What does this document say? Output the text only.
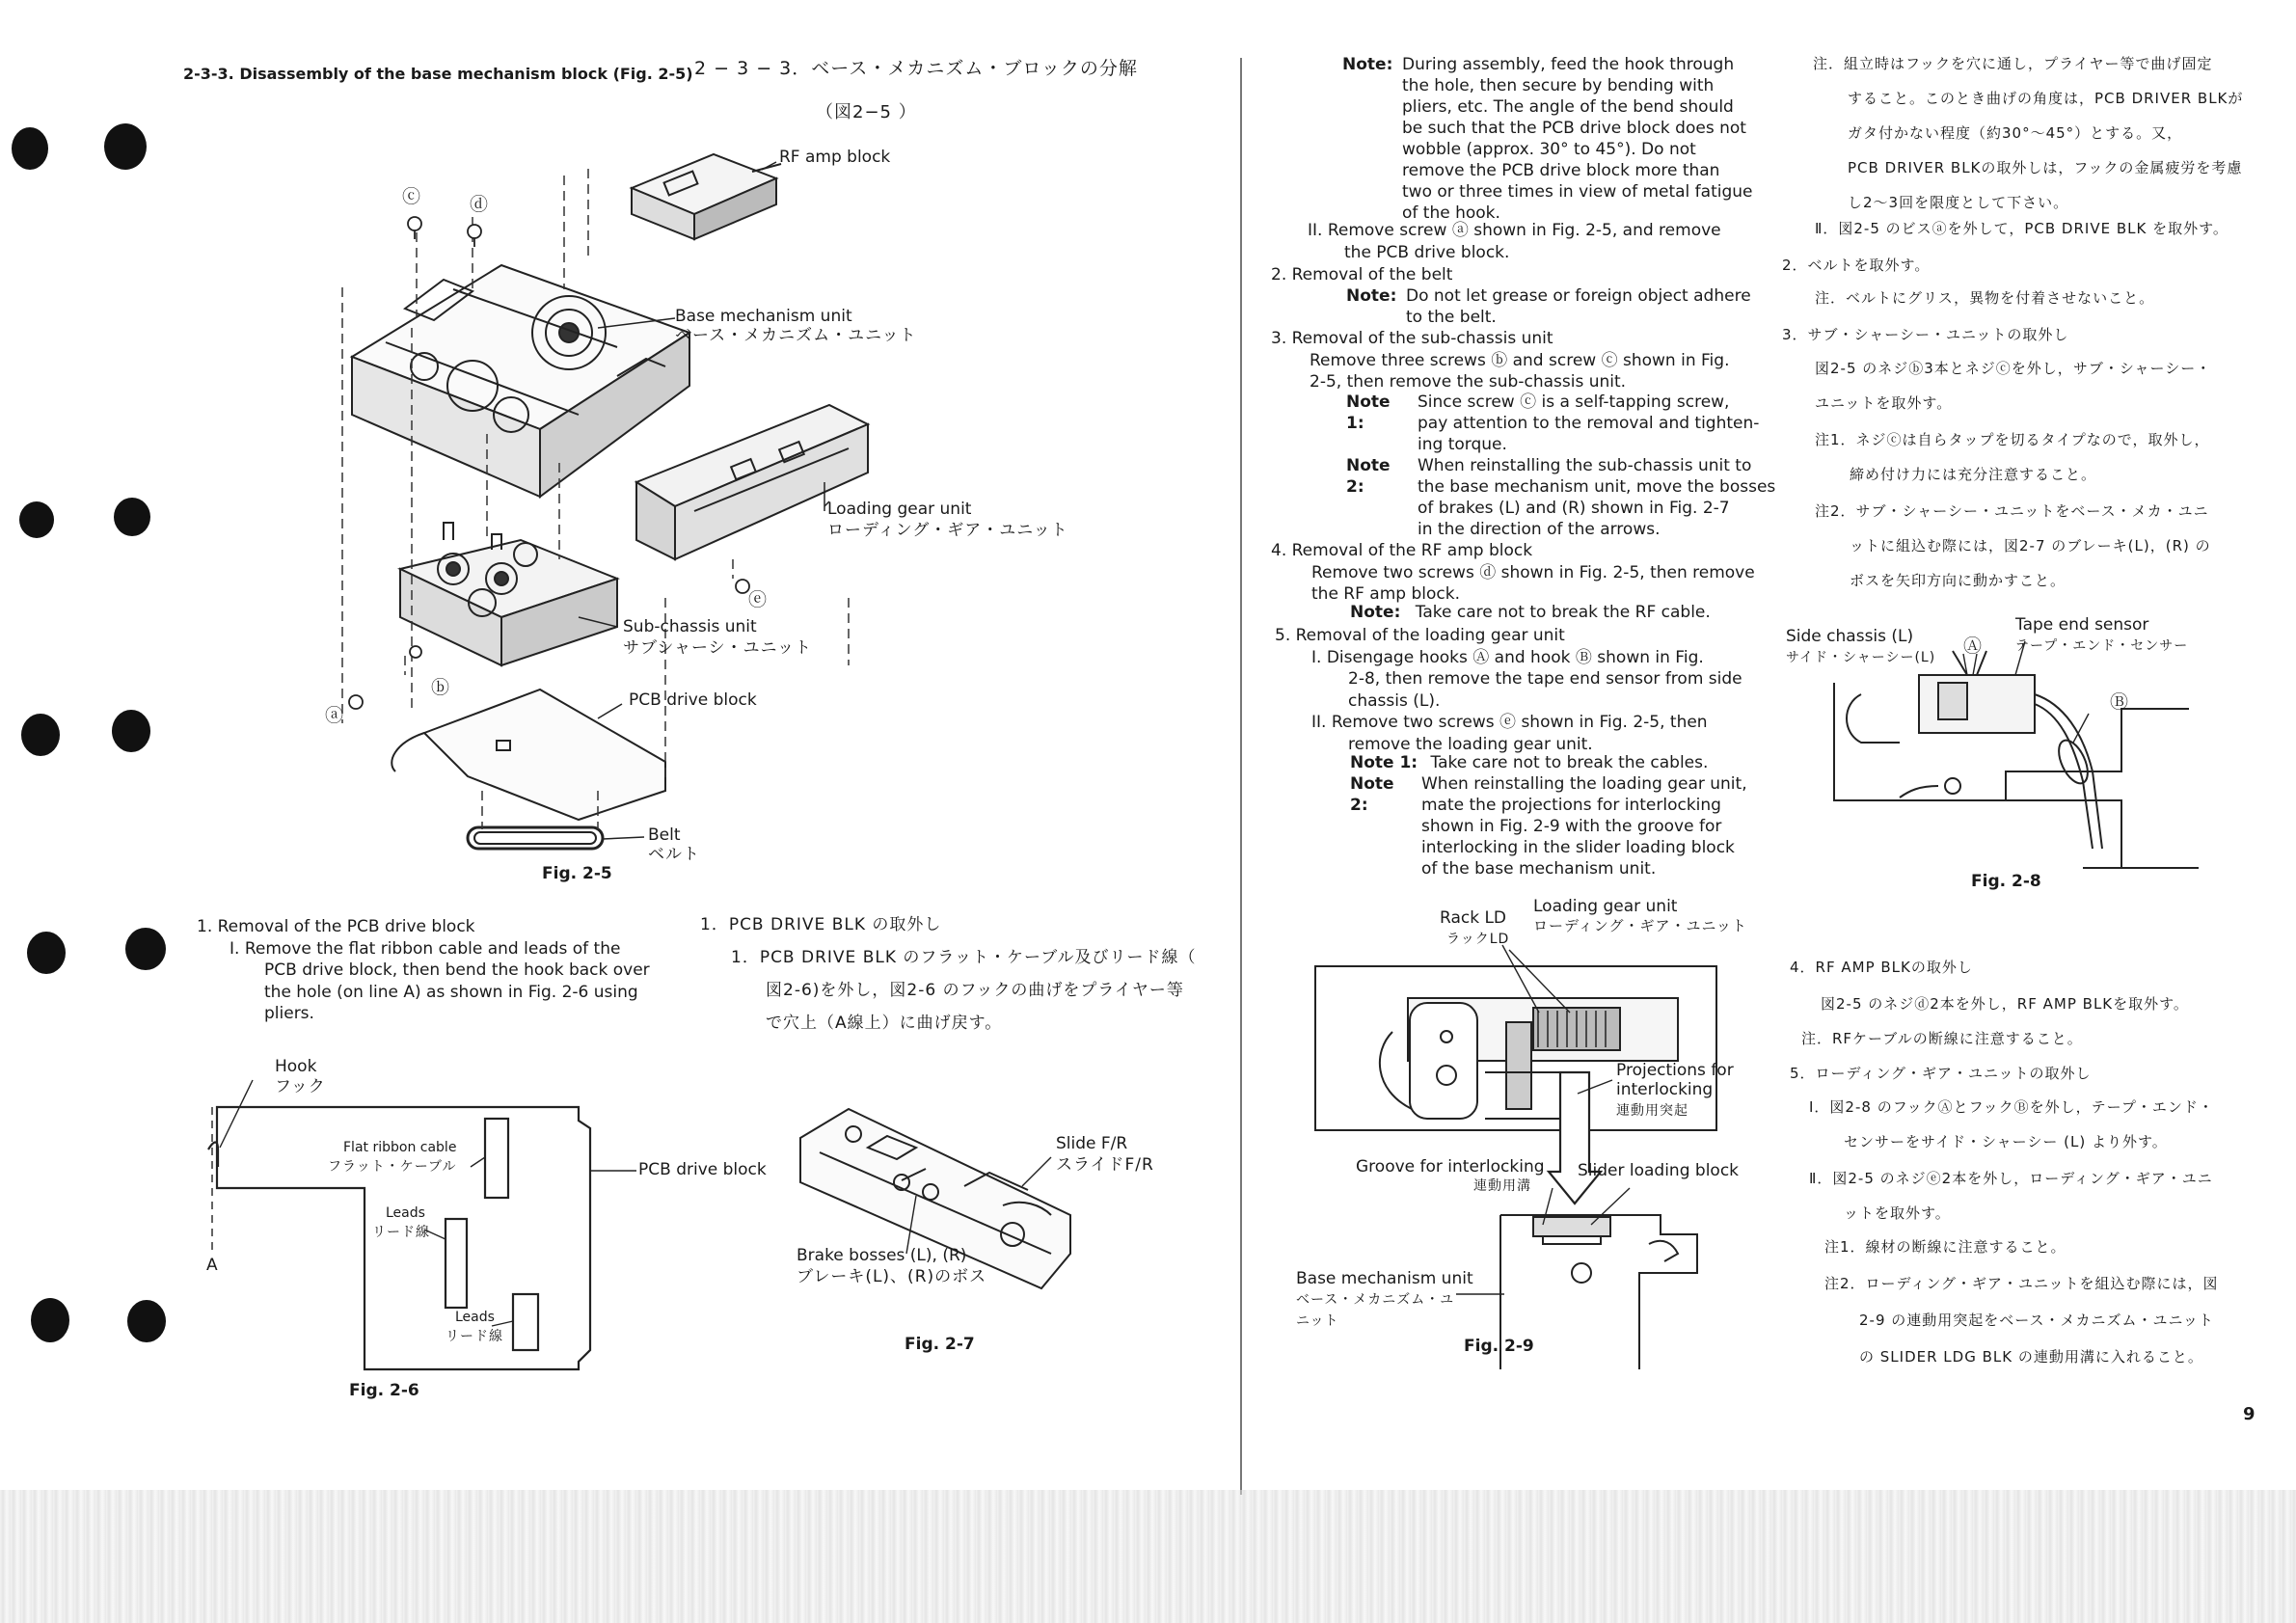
2-3-3. Disassembly of the base mechanism block (Fig. 2-5) 2 − 3 − 3．ベース・メカニズム・ブロックの分解
（図2−5 ）
RF amp block
ⓒ	ⓓ
Base mechanism unit
ベース・メカニズム・ユニット
Loading gear unit
ローディング・ギア・ユニット
ⓔ
Sub-chassis unit
サブシャーシ・ユニット
ⓑ
PCB drive block
ⓐ
Belt
ベルト
Fig. 2-5
1. Removal of the PCB drive block
I. Remove the flat ribbon cable and leads of the
PCB drive block, then bend the hook back over
the hole (on line A) as shown in Fig. 2-6 using
pliers.
1．PCB DRIVE BLK の取外し
1．PCB DRIVE BLK のフラット・ケーブル及びリード線（
図2-6)を外し，図2-6 のフックの曲げをプライヤー等
で穴上（A線上）に曲げ戻す。
Hook
フック
Flat ribbon cable
フラット・ケーブル	PCB drive block
Leads
リード線
Leads
リード線
A
Fig. 2-6
Slide F/R
スライドF/R
Brake bosses (L), (R)
ブレーキ(L)、(R)のボス
Fig. 2-7
Note: During assembly, feed the hook through
the hole, then secure by bending with
pliers, etc. The angle of the bend should
be such that the PCB drive block does not
wobble (approx. 30° to 45°). Do not
remove the PCB drive block more than
two or three times in view of metal fatigue
of the hook.
II. Remove screw ⓐ shown in Fig. 2-5, and remove
the PCB drive block.
2. Removal of the belt
Note: Do not let grease or foreign object adhere
to the belt.
3. Removal of the sub-chassis unit
Remove three screws ⓑ and screw ⓒ shown in Fig.
2-5, then remove the sub-chassis unit.
Note 1:
Since screw ⓒ is a self-tapping screw,
pay attention to the removal and tighten-
ing torque.
Note 2:
When reinstalling the sub-chassis unit to
the base mechanism unit, move the bosses
of brakes (L) and (R) shown in Fig. 2-7
in the direction of the arrows.
4. Removal of the RF amp block
Remove two screws ⓓ shown in Fig. 2-5, then remove
the RF amp block.
Note: Take care not to break the RF cable.
5. Removal of the loading gear unit
I. Disengage hooks Ⓐ and hook Ⓑ shown in Fig.
2-8, then remove the tape end sensor from side
chassis (L).
II. Remove two screws ⓔ shown in Fig. 2-5, then
remove the loading gear unit.
Note 1: Take care not to break the cables.
Note 2:
When reinstalling the loading gear unit,
mate the projections for interlocking
shown in Fig. 2-9 with the groove for
interlocking in the slider loading block
of the base mechanism unit.
Rack LD
ラックLD
Loading gear unit
ローディング・ギア・ユニット
Projections for
interlocking
連動用突起
Groove for interlocking
連動用溝
Slider loading block
Base mechanism unit
ベース・メカニズム・ユ
ニット
Fig. 2-9
注．組立時はフックを穴に通し，プライヤー等で曲げ固定
すること。このとき曲げの角度は，PCB DRIVER BLKが
ガタ付かない程度（約30°〜45°）とする。又，
PCB DRIVER BLKの取外しは，フックの金属疲労を考慮
し2〜3回を限度として下さい。
Ⅱ．図2-5 のビスⓐを外して，PCB DRIVE BLK を取外す。
2．ベルトを取外す。
注．ベルトにグリス，異物を付着させないこと。
3．サブ・シャーシー・ユニットの取外し
図2-5 のネジⓑ3本とネジⓒを外し，サブ・シャーシー・
ユニットを取外す。
注1．ネジⓒは自らタップを切るタイプなので，取外し，
締め付け力には充分注意すること。
注2．サブ・シャーシー・ユニットをベース・メカ・ユニ
ットに組込む際には，図2-7 のブレーキ(L)，(R) の
ボスを矢印方向に動かすこと。
Side chassis (L)
サイド・シャーシー(L)
Ⓐ
Tape end sensor
テープ・エンド・センサー
Ⓑ
Fig. 2-8
4．RF AMP BLKの取外し
図2-5 のネジⓓ2本を外し，RF AMP BLKを取外す。
注．RFケーブルの断線に注意すること。
5．ローディング・ギア・ユニットの取外し
Ⅰ．図2-8 のフックⒶとフックⒷを外し，テープ・エンド・
センサーをサイド・シャーシー (L) より外す。
Ⅱ．図2-5 のネジⓔ2本を外し，ローディング・ギア・ユニ
ットを取外す。
注1．線材の断線に注意すること。
注2．ローディング・ギア・ユニットを組込む際には，図
2-9 の連動用突起をベース・メカニズム・ユニット
の SLIDER LDG BLK の連動用溝に入れること。
9
